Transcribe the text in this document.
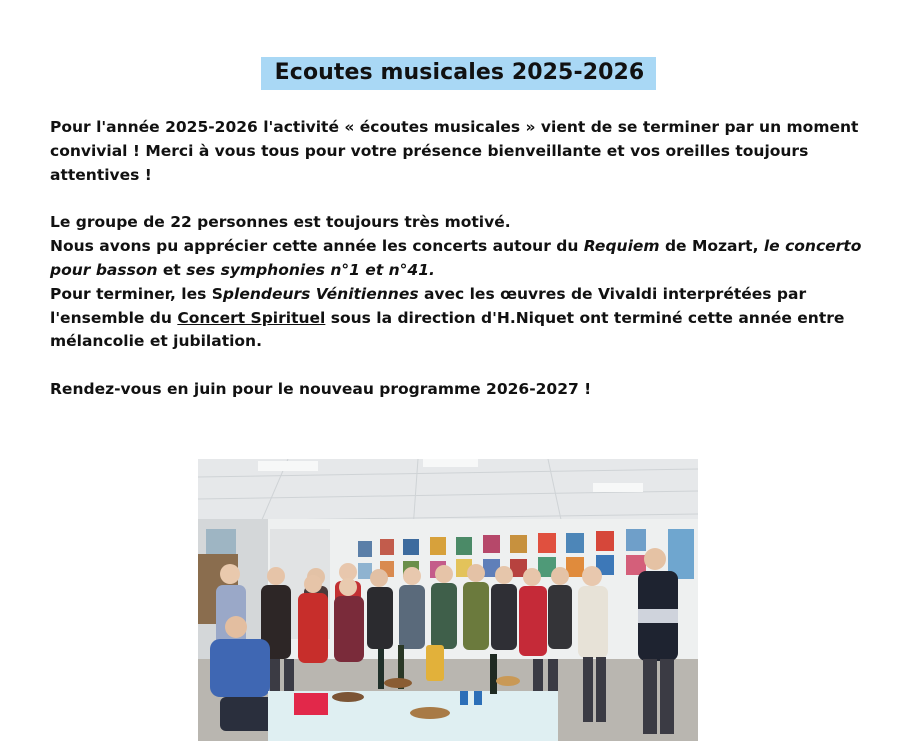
Ecoutes musicales 2025-2026

Pour l'année 2025-2026 l'activité « écoutes musicales » vient de se terminer par un moment convivial ! Merci à vous tous pour votre présence bienveillante et vos oreilles toujours attentives !

Le groupe de 22 personnes est toujours très motivé.
Nous avons pu apprécier cette année les concerts autour du Requiem de Mozart, le concerto pour basson et ses symphonies n°1 et n°41.
Pour terminer, les Splendeurs Vénitiennes avec les œuvres de Vivaldi interprétées par l'ensemble du Concert Spirituel sous la direction d'H.Niquet ont terminé cette année entre mélancolie et jubilation.

Rendez-vous en juin pour le nouveau programme 2026-2027 !
